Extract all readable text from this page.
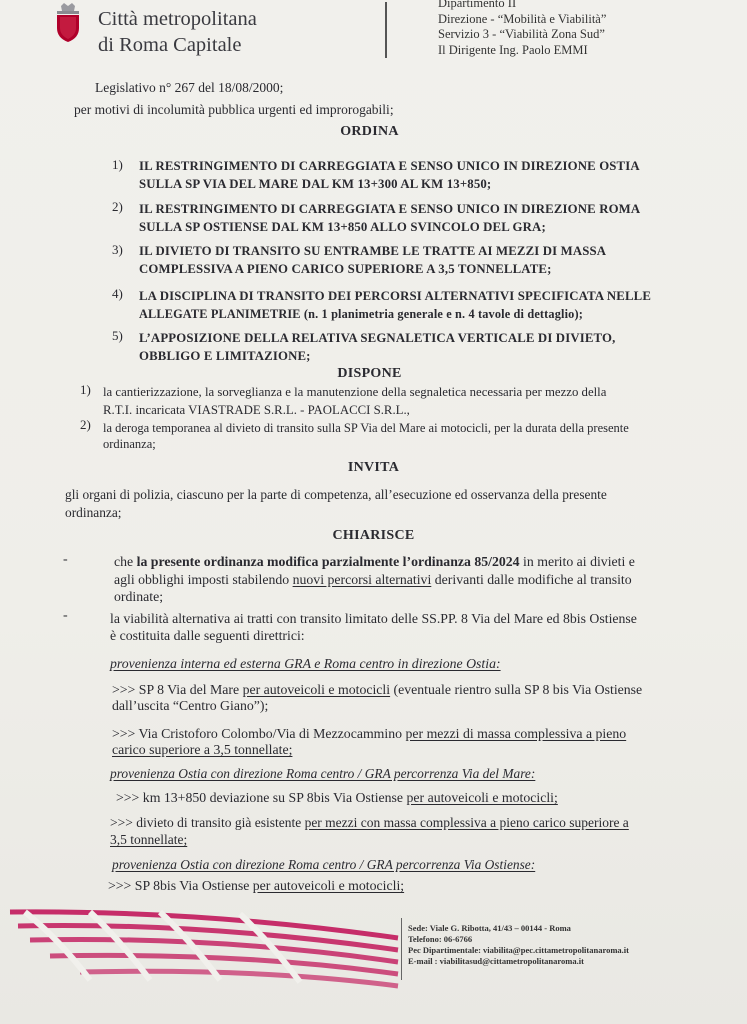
Città metropolitana
di Roma Capitale
Dipartimento II
Direzione - “Mobilità e Viabilità”
Servizio 3 - “Viabilità Zona Sud”
Il Dirigente Ing. Paolo EMMI
Legislativo n° 267 del 18/08/2000;
per motivi di incolumità pubblica urgenti ed improrogabili;
ORDINA
1) IL RESTRINGIMENTO DI CARREGGIATA E SENSO UNICO IN DIREZIONE OSTIA
SULLA SP VIA DEL MARE DAL KM 13+300 AL KM 13+850;
2) IL RESTRINGIMENTO DI CARREGGIATA E SENSO UNICO IN DIREZIONE ROMA
SULLA SP OSTIENSE DAL KM 13+850 ALLO SVINCOLO DEL GRA;
3) IL DIVIETO DI TRANSITO SU ENTRAMBE LE TRATTE AI MEZZI DI MASSA
COMPLESSIVA A PIENO CARICO SUPERIORE A 3,5 TONNELLATE;
4) LA DISCIPLINA DI TRANSITO DEI PERCORSI ALTERNATIVI SPECIFICATA NELLE
ALLEGATE PLANIMETRIE (n. 1 planimetria generale e n. 4 tavole di dettaglio);
5) L’APPOSIZIONE DELLA RELATIVA SEGNALETICA VERTICALE DI DIVIETO,
OBBLIGO E LIMITAZIONE;
DISPONE
1) la cantierizzazione, la sorveglianza e la manutenzione della segnaletica necessaria per mezzo della
R.T.I. incaricata VIASTRADE S.R.L. - PAOLACCI S.R.L.,
2) la deroga temporanea al divieto di transito sulla SP Via del Mare ai motocicli, per la durata della presente
ordinanza;
INVITA
gli organi di polizia, ciascuno per la parte di competenza, all’esecuzione ed osservanza della presente
ordinanza;
CHIARISCE
-	che la presente ordinanza modifica parzialmente l’ordinanza 85/2024 in merito ai divieti e
agli obblighi imposti stabilendo nuovi percorsi alternativi derivanti dalle modifiche al transito
ordinate;
-	la viabilità alternativa ai tratti con transito limitato delle SS.PP. 8 Via del Mare ed 8bis Ostiense
è costituita dalle seguenti direttrici:
provenienza interna ed esterna GRA e Roma centro in direzione Ostia:
>>> SP 8 Via del Mare per autoveicoli e motocicli (eventuale rientro sulla SP 8 bis Via Ostiense
dall’uscita “Centro Giano”);
>>> Via Cristoforo Colombo/Via di Mezzocammino per mezzi di massa complessiva a pieno
carico superiore a 3,5 tonnellate;
provenienza Ostia con direzione Roma centro / GRA percorrenza Via del Mare:
>>> km 13+850 deviazione su SP 8bis Via Ostiense per autoveicoli e motocicli;
>>> divieto di transito già esistente per mezzi con massa complessiva a pieno carico superiore a
3,5 tonnellate;
provenienza Ostia con direzione Roma centro / GRA percorrenza Via Ostiense:
>>> SP 8bis Via Ostiense per autoveicoli e motocicli;
Sede: Viale G. Ribotta, 41/43 – 00144 - Roma
Telefono: 06-6766
Pec Dipartimentale: viabilita@pec.cittametropolitanaroma.it
E-mail : viabilitasud@cittametropolitanaroma.it
